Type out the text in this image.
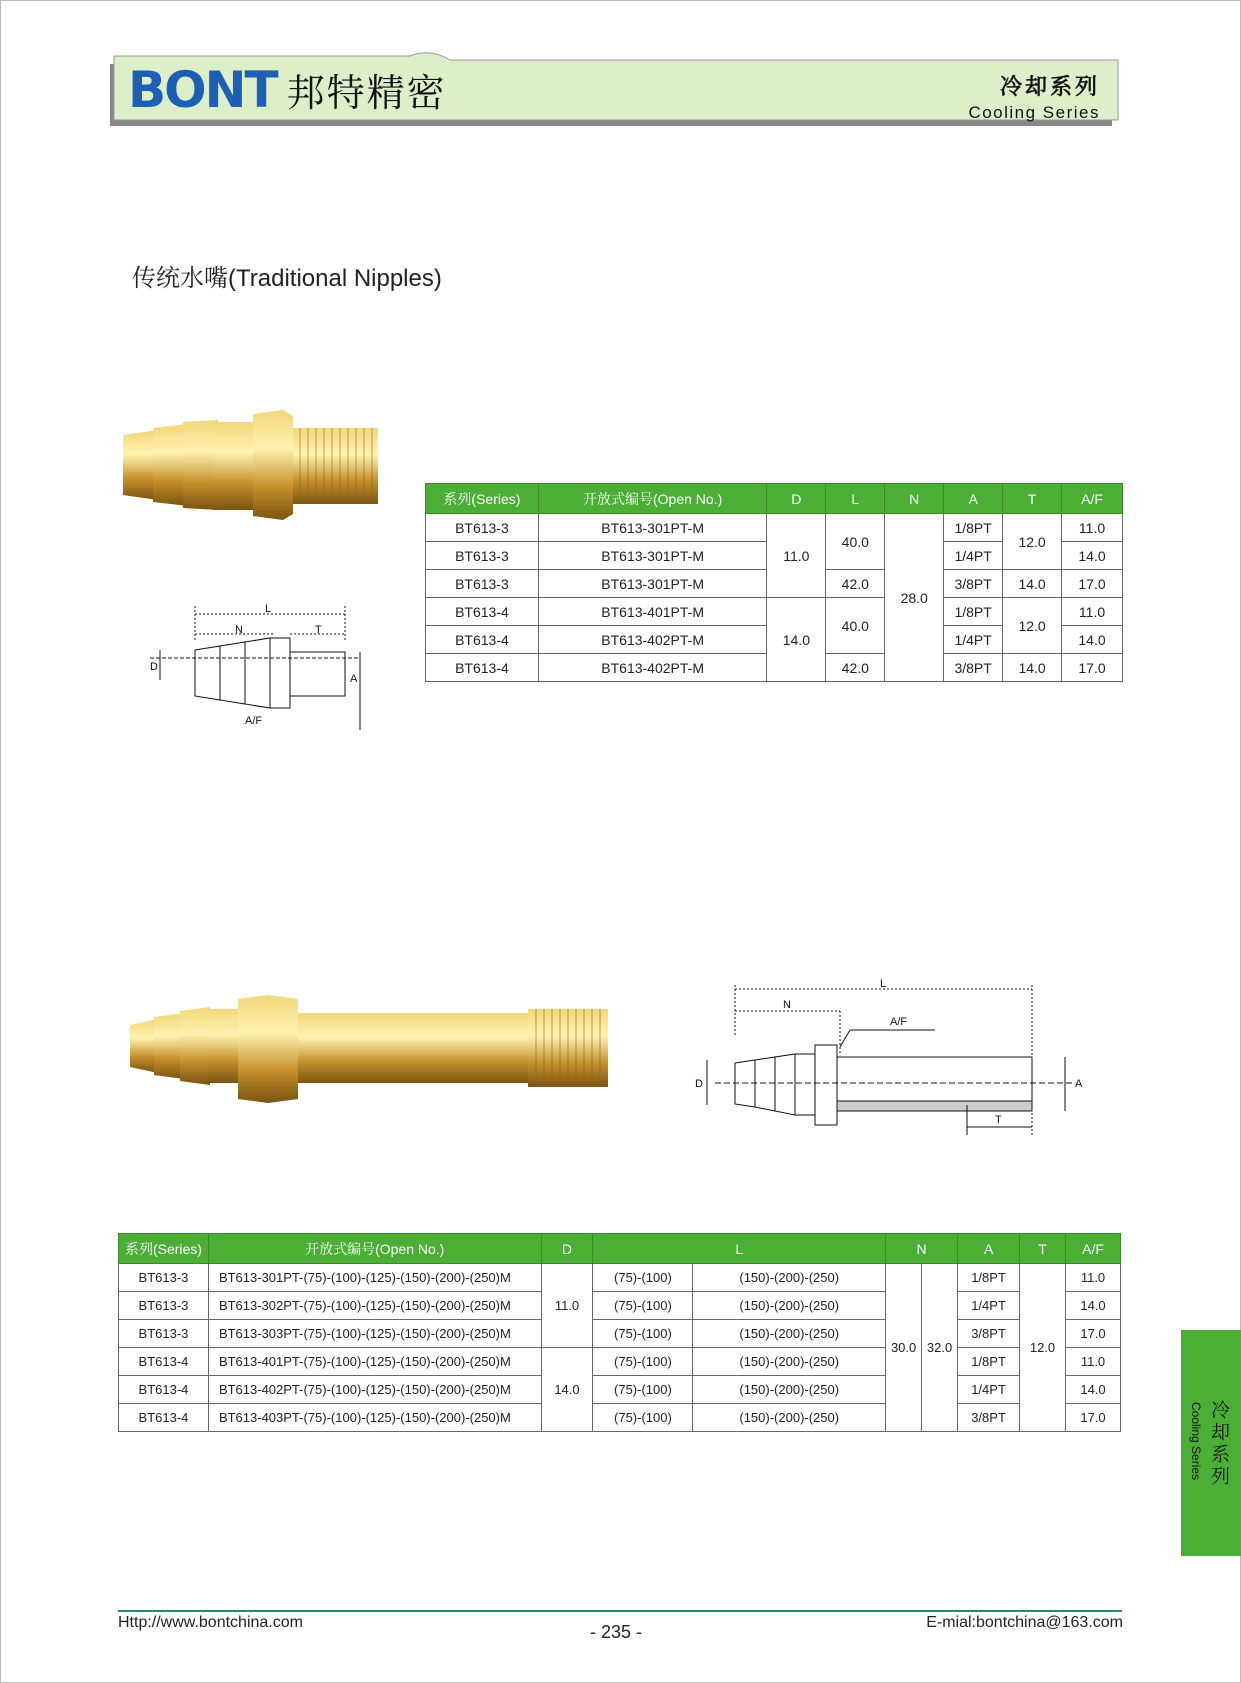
BONT 邦特精密	冷却系列
Cooling Series
传统水嘴(Traditional Nipples)
L
N	T
D
A
A/F
系列(Series)	开放式编号(Open No.)	D	L	N	A	T	A/F
BT613-3	BT613-301PT-M	11.0	40.0	28.0	1/8PT	12.0	11.0
BT613-3	BT613-301PT-M				1/4PT		14.0
BT613-3	BT613-301PT-M		42.0		3/8PT	14.0	17.0
BT613-4	BT613-401PT-M	14.0	40.0		1/8PT	12.0	11.0
BT613-4	BT613-402PT-M				1/4PT		14.0
BT613-4	BT613-402PT-M		42.0		3/8PT	14.0	17.0
L
N
A/F
D	A
T
系列(Series)	开放式编号(Open No.)	D	L		N		A	T	A/F
BT613-3	BT613-301PT-(75)-(100)-(125)-(150)-(200)-(250)M	11.0	(75)-(100)	(150)-(200)-(250)	30.0	32.0	1/8PT	12.0	11.0
BT613-3	BT613-302PT-(75)-(100)-(125)-(150)-(200)-(250)M		(75)-(100)	(150)-(200)-(250)			1/4PT		14.0
BT613-3	BT613-303PT-(75)-(100)-(125)-(150)-(200)-(250)M		(75)-(100)	(150)-(200)-(250)			3/8PT		17.0
BT613-4	BT613-401PT-(75)-(100)-(125)-(150)-(200)-(250)M	14.0	(75)-(100)	(150)-(200)-(250)			1/8PT		11.0
BT613-4	BT613-402PT-(75)-(100)-(125)-(150)-(200)-(250)M		(75)-(100)	(150)-(200)-(250)			1/4PT		14.0
BT613-4	BT613-403PT-(75)-(100)-(125)-(150)-(200)-(250)M		(75)-(100)	(150)-(200)-(250)			3/8PT		17.0	冷却系列
Cooling Series
Http://www.bontchina.com	- 235 -	E-mial:bontchina@163.com
